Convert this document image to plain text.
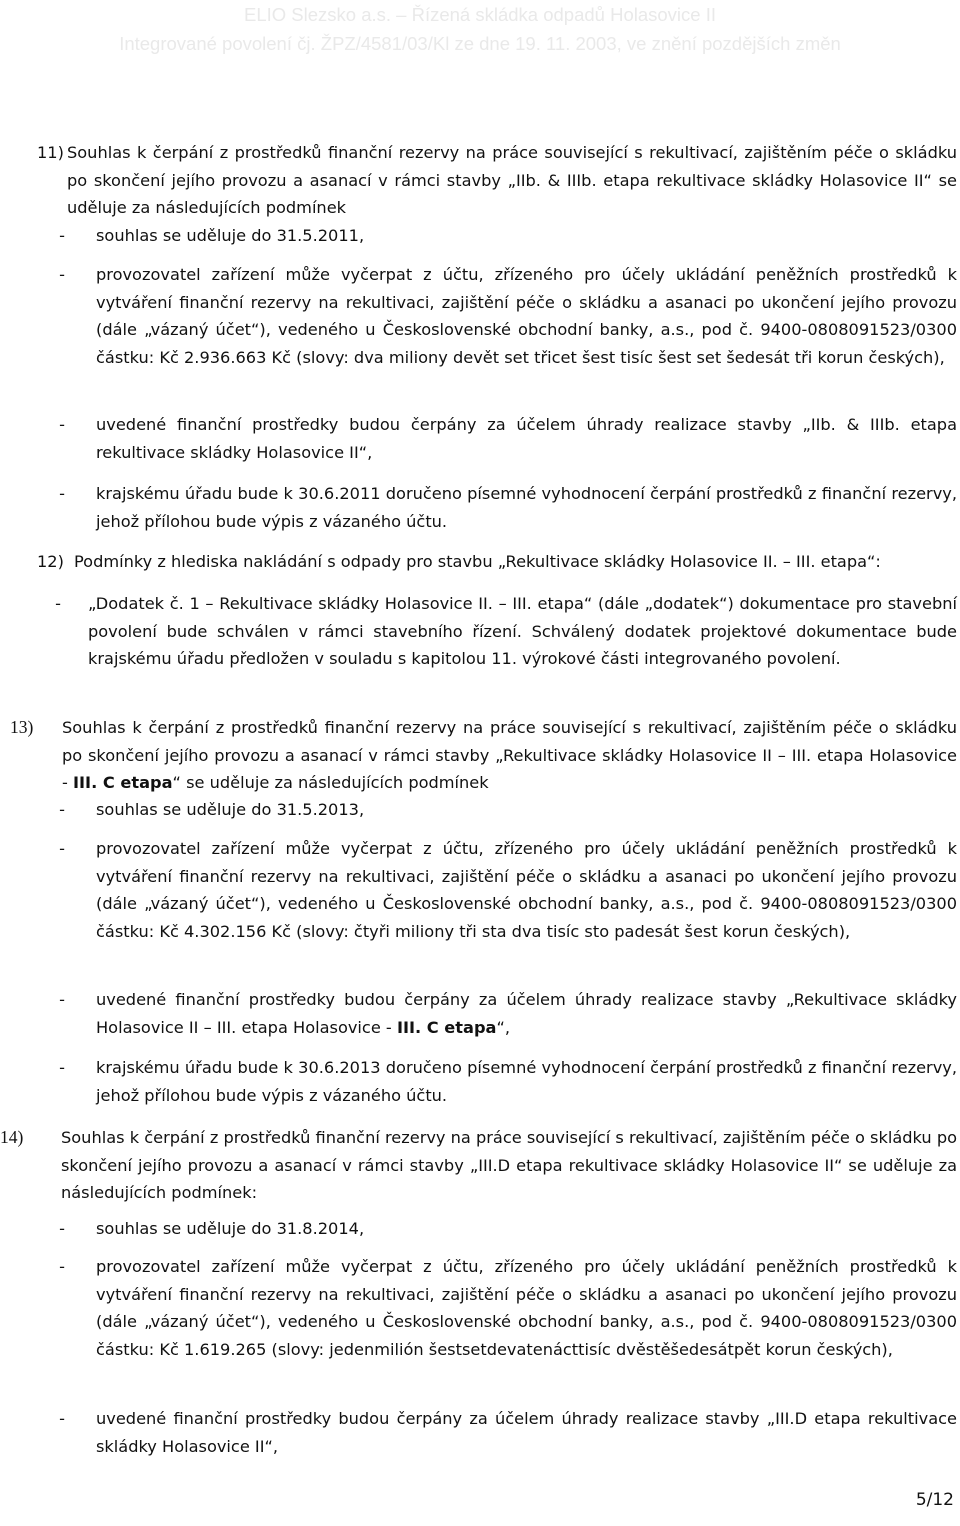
ELIO Slezsko a.s. – Řízená skládka odpadů Holasovice II
Integrované povolení čj. ŽPZ/4581/03/Kl ze dne 19. 11. 2003, ve znění pozdějších změn
11) Souhlas k čerpání z prostředků finanční rezervy na práce související s rekultivací, zajištěním péče o skládku po skončení jejího provozu a asanací v rámci stavby „IIb. & IIIb. etapa rekultivace skládky Holasovice II“ se uděluje za následujících podmínek
-	souhlas se uděluje do 31.5.2011,
-	provozovatel zařízení může vyčerpat z účtu, zřízeného pro účely ukládání peněžních prostředků k vytváření finanční rezervy na rekultivaci, zajištění péče o skládku a asanaci po ukončení jejího provozu (dále „vázaný účet“), vedeného u Československé obchodní banky, a.s., pod č. 9400-0808091523/0300 částku: Kč 2.936.663 Kč (slovy: dva miliony devět set třicet šest tisíc šest set šedesát tři korun českých),
-	uvedené finanční prostředky budou čerpány za účelem úhrady realizace stavby „IIb. & IIIb. etapa rekultivace skládky Holasovice II“,
-	krajskému úřadu bude k 30.6.2011 doručeno písemné vyhodnocení čerpání prostředků z finanční rezervy, jehož přílohou bude výpis z vázaného účtu.
12) Podmínky z hlediska nakládání s odpady pro stavbu „Rekultivace skládky Holasovice II. – III. etapa“:
-	„Dodatek č. 1 – Rekultivace skládky Holasovice II. – III. etapa“ (dále „dodatek“) dokumentace pro stavební povolení bude schválen v rámci stavebního řízení. Schválený dodatek projektové dokumentace bude krajskému úřadu předložen v souladu s kapitolou 11. výrokové části integrovaného povolení.
13) Souhlas k čerpání z prostředků finanční rezervy na práce související s rekultivací, zajištěním péče o skládku po skončení jejího provozu a asanací v rámci stavby „Rekultivace skládky Holasovice II – III. etapa Holasovice - III. C etapa“ se uděluje za následujících podmínek
-	souhlas se uděluje do 31.5.2013,
-	provozovatel zařízení může vyčerpat z účtu, zřízeného pro účely ukládání peněžních prostředků k vytváření finanční rezervy na rekultivaci, zajištění péče o skládku a asanaci po ukončení jejího provozu (dále „vázaný účet“), vedeného u Československé obchodní banky, a.s., pod č. 9400-0808091523/0300 částku: Kč 4.302.156 Kč (slovy: čtyři miliony tři sta dva tisíc sto padesát šest korun českých),
-	uvedené finanční prostředky budou čerpány za účelem úhrady realizace stavby „Rekultivace skládky Holasovice II – III. etapa Holasovice - III. C etapa“,
-	krajskému úřadu bude k 30.6.2013 doručeno písemné vyhodnocení čerpání prostředků z finanční rezervy, jehož přílohou bude výpis z vázaného účtu.
14) Souhlas k čerpání z prostředků finanční rezervy na práce související s rekultivací, zajištěním péče o skládku po skončení jejího provozu a asanací v rámci stavby „III.D etapa rekultivace skládky Holasovice II“ se uděluje za následujících podmínek:
-	souhlas se uděluje do 31.8.2014,
-	provozovatel zařízení může vyčerpat z účtu, zřízeného pro účely ukládání peněžních prostředků k vytváření finanční rezervy na rekultivaci, zajištění péče o skládku a asanaci po ukončení jejího provozu (dále „vázaný účet“), vedeného u Československé obchodní banky, a.s., pod č. 9400-0808091523/0300 částku: Kč 1.619.265 (slovy: jedenmilión šestsetdevatenácttisíc dvěstěšedesátpět korun českých),
-	uvedené finanční prostředky budou čerpány za účelem úhrady realizace stavby „III.D etapa rekultivace skládky Holasovice II“,
5/12
